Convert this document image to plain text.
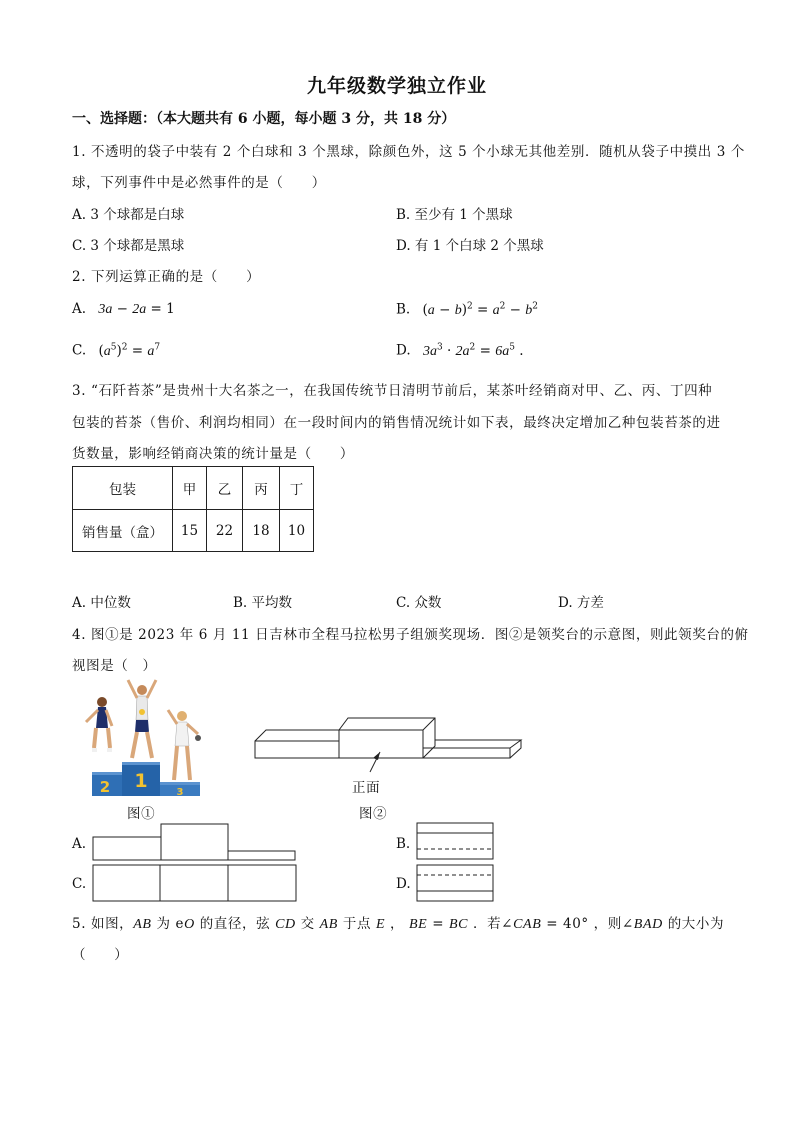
九年级数学独立作业
一、选择题：（本大题共有 6 小题，每小题 3 分，共 18 分）
1. 不透明的袋子中装有 2 个白球和 3 个黑球，除颜色外，这 5 个小球无其他差别．随机从袋子中摸出 3 个
球，下列事件中是必然事件的是（　　）
A. 3 个球都是白球	B. 至少有 1 个黑球
C. 3 个球都是黑球	D. 有 1 个白球 2 个黑球
2. 下列运算正确的是（　　）
A. 3a − 2a = 1	B. $(a - b)^2 = a^2 - b^2$
C. $(a^5)^2 = a^7$	D. $3a^3 \cdot 2a^2 = 6a^5$ .
3. “石阡苔茶”是贵州十大名茶之一，在我国传统节日清明节前后，某茶叶经销商对甲、乙、丙、丁四种
包装的苔茶（售价、利润均相同）在一段时间内的销售情况统计如下表，最终决定增加乙种包装苔茶的进
货数量，影响经销商决策的统计量是（　　）
包装	甲	乙	丙	丁
销售量（盒）	15	22	18	10
A. 中位数	B. 平均数	C. 众数	D. 方差
4. 图①是 2023 年 6 月 11 日吉林市全程马拉松男子组颁奖现场．图②是领奖台的示意图，则此领奖台的俯
视图是（　）
2 1
3	正面
图①	图②
A.	B.
C.	D.
5. 如图，AB 为 eO 的直径，弦 CD 交 AB 于点 E ， BE = BC ．若∠CAB = 40° ，则∠BAD 的大小为
（　　）
